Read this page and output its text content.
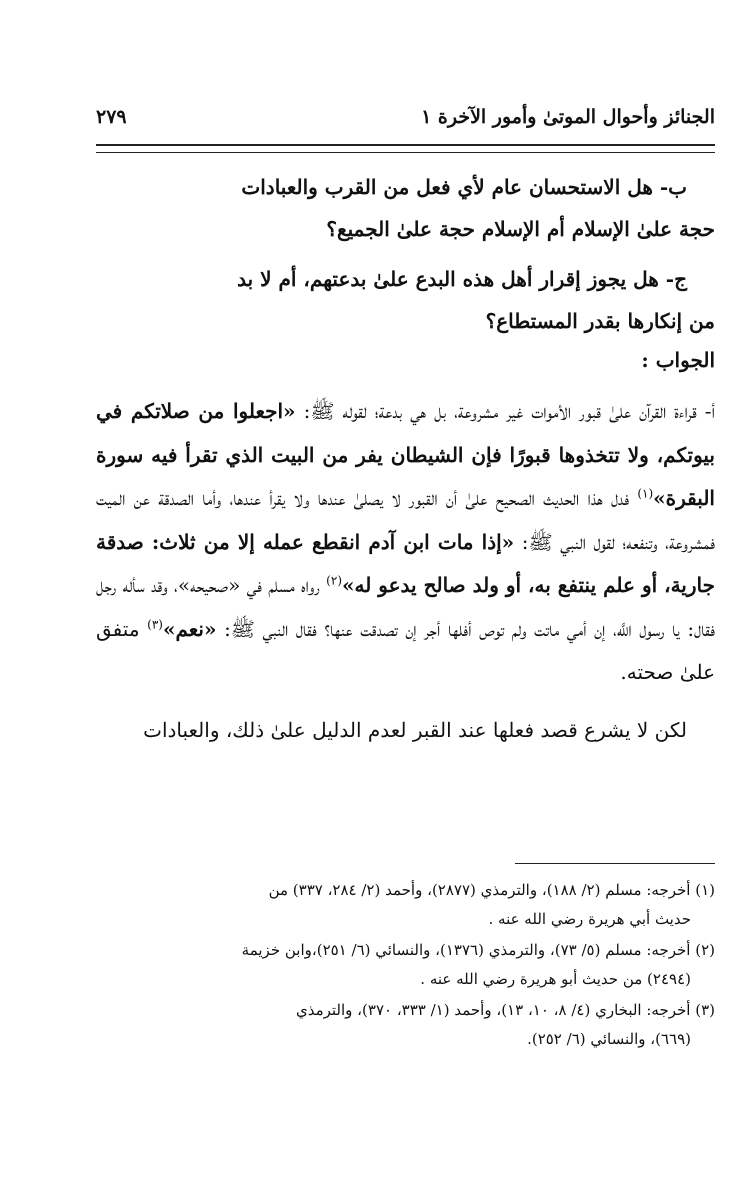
الجنائز وأحوال الموتىٰ وأمور الآخرة ١
٢٧٩

ب- هل الاستحسان عام لأي فعل من القرب والعبادات
حجة علىٰ الإسلام أم الإسلام حجة علىٰ الجميع؟

ج- هل يجوز إقرار أهل هذه البدع علىٰ بدعتهم، أم لا بد
من إنكارها بقدر المستطاع؟

الجواب :

أ- قراءة القرآن علىٰ قبور الأموات غير مشروعة، بل هي بدعة؛ لقوله ﷺ: «اجعلوا من صلاتكم في بيوتكم، ولا تتخذوها قبورًا فإن الشيطان يفر من البيت الذي تقرأ فيه سورة البقرة»$^{(١)}$ فدل هذا الحديث الصحيح علىٰ أن القبور لا يصلىٰ عندها ولا يقرأ عندها، وأما الصدقة عن الميت فمشروعة، وتنفعه؛ لقول النبي ﷺ: «إذا مات ابن آدم انقطع عمله إلا من ثلاث: صدقة جارية، أو علم ينتفع به، أو ولد صالح يدعو له»$^{(٢)}$ رواه مسلم في «صحيحه»، وقد سأله رجل فقال: يا رسول اللَّه، إن أمي ماتت ولم توص أفلها أجر إن تصدقت عنها؟ فقال النبي ﷺ: «نعم»$^{(٣)}$ متفق علىٰ صحته.

لكن لا يشرع قصد فعلها عند القبر لعدم الدليل علىٰ ذلك، والعبادات

(١) أخرجه: مسلم (٢/ ١٨٨)، والترمذي (٢٨٧٧)، وأحمد (٢/ ٢٨٤، ٣٣٧) من
حديث أبي هريرة رضي الله عنه .
(٢) أخرجه: مسلم (٥/ ٧٣)، والترمذي (١٣٧٦)، والنسائي (٦/ ٢٥١)،وابن خزيمة
(٢٤٩٤) من حديث أبو هريرة رضي الله عنه .
(٣) أخرجه: البخاري (٤/ ٨، ١٠، ١٣)، وأحمد (١/ ٣٣٣، ٣٧٠)، والترمذي
(٦٦٩)، والنسائي (٦/ ٢٥٢).
